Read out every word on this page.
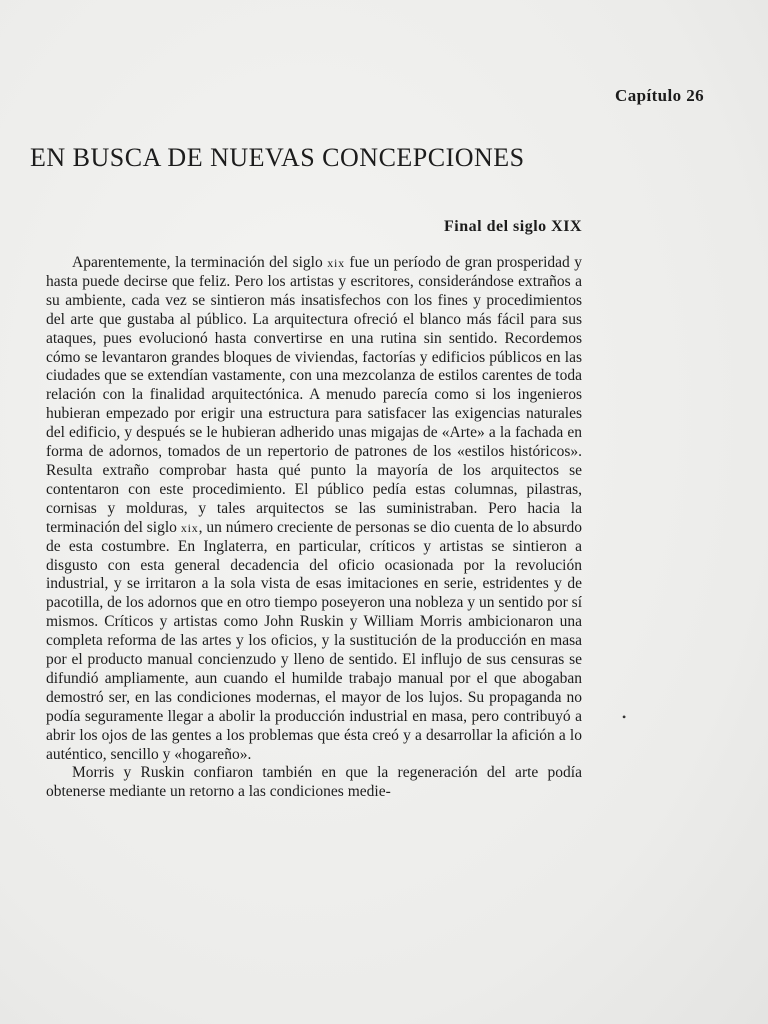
Capítulo 26
EN BUSCA DE NUEVAS CONCEPCIONES
Final del siglo XIX

Aparentemente, la terminación del siglo xix fue un período de gran prosperidad y hasta puede decirse que feliz. Pero los artistas y escritores, considerándose extraños a su ambiente, cada vez se sintieron más insatisfechos con los fines y procedimientos del arte que gustaba al público. La arquitectura ofreció el blanco más fácil para sus ataques, pues evolucionó hasta convertirse en una rutina sin sentido. Recordemos cómo se levantaron grandes bloques de viviendas, factorías y edificios públicos en las ciudades que se extendían vastamente, con una mezcolanza de estilos carentes de toda relación con la finalidad arquitectónica. A menudo parecía como si los ingenieros hubieran empezado por erigir una estructura para satisfacer las exigencias naturales del edificio, y después se le hubieran adherido unas migajas de «Arte» a la fachada en forma de adornos, tomados de un repertorio de patrones de los «estilos históricos». Resulta extraño comprobar hasta qué punto la mayoría de los arquitectos se contentaron con este procedimiento. El público pedía estas columnas, pilastras, cornisas y molduras, y tales arquitectos se las suministraban. Pero hacia la terminación del siglo xix, un número creciente de personas se dio cuenta de lo absurdo de esta costumbre. En Inglaterra, en particular, críticos y artistas se sintieron a disgusto con esta general decadencia del oficio ocasionada por la revolución industrial, y se irritaron a la sola vista de esas imitaciones en serie, estridentes y de pacotilla, de los adornos que en otro tiempo poseyeron una nobleza y un sentido por sí mismos. Críticos y artistas como John Ruskin y William Morris ambicionaron una completa reforma de las artes y los oficios, y la sustitución de la producción en masa por el producto manual concienzudo y lleno de sentido. El influjo de sus censuras se difundió ampliamente, aun cuando el humilde trabajo manual por el que abogaban demostró ser, en las condiciones modernas, el mayor de los lujos. Su propaganda no podía seguramente llegar a abolir la producción industrial en masa, pero contribuyó a abrir los ojos de las gentes a los problemas que ésta creó y a desarrollar la afición a lo auténtico, sencillo y «hogareño».

Morris y Ruskin confiaron también en que la regeneración del arte podía obtenerse mediante un retorno a las condiciones medie-

•
